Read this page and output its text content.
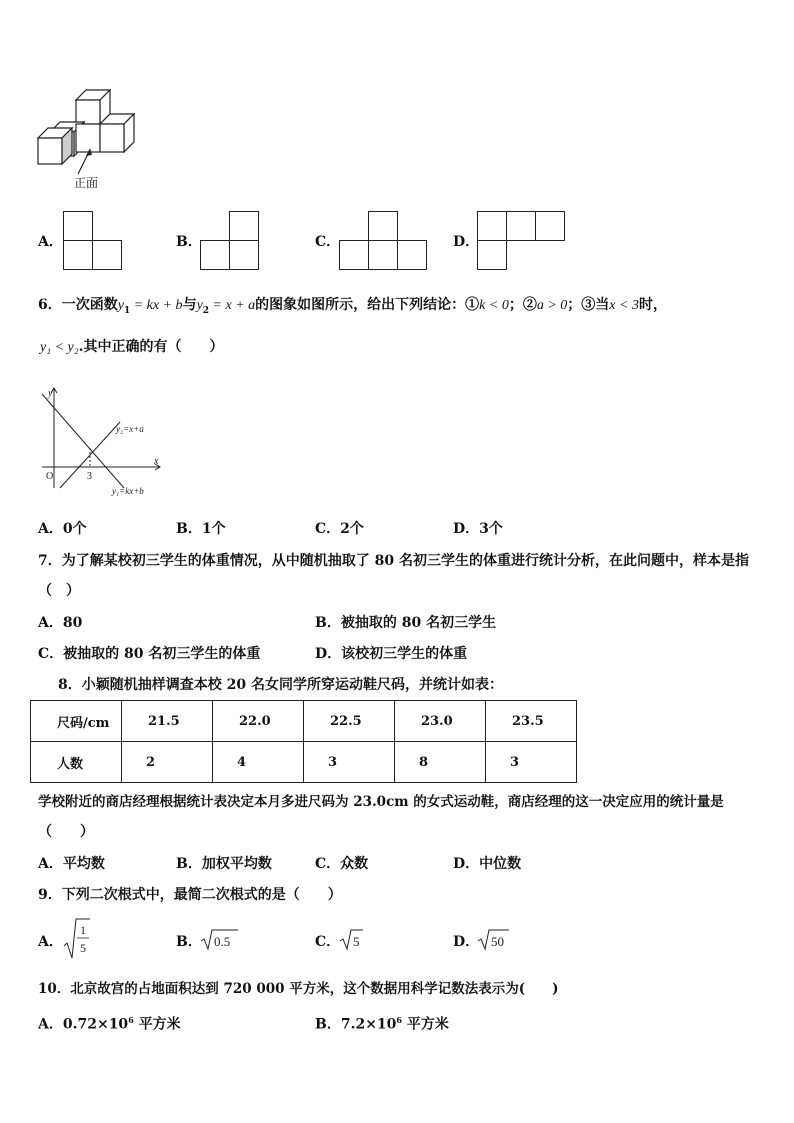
正面
A．	B．	C．	D．
6．一次函数$y_1$ = kx + b与$y_2 = x + a$的图象如图所示，给出下列结论：①k < 0；②a > 0；③当x < 3时，
y₁ < y₂.其中正确的有（　　）
y
x
O	3
y₂=x+a
y₁=kx+b
A．0个	B．1个	C．2个	D．3个
7．为了解某校初三学生的体重情况，从中随机抽取了 80 名初三学生的体重进行统计分析，在此问题中，样本是指
（　）
A．80	B．被抽取的 80 名初三学生
C．被抽取的 80 名初三学生的体重	D．该校初三学生的体重
8．小颖随机抽样调查本校 20 名女同学所穿运动鞋尺码，并统计如表：
尺码/cm	21.5	22.0	22.5	23.0	23.5
人数	2	4	3	8	3
学校附近的商店经理根据统计表决定本月多进尺码为 23.0cm 的女式运动鞋，商店经理的这一决定应用的统计量是
（　　）
A．平均数	B．加权平均数	C．众数	D．中位数
9．下列二次根式中，最简二次根式的是（　　）
A．
1
5	B． 0.5	C． 5	D． 50
10．北京故宫的占地面积达到 720 000 平方米，这个数据用科学记数法表示为(　　)
A．$0.72\times 10^6$ 平方米	B．$7.2\times 10^6$ 平方米
